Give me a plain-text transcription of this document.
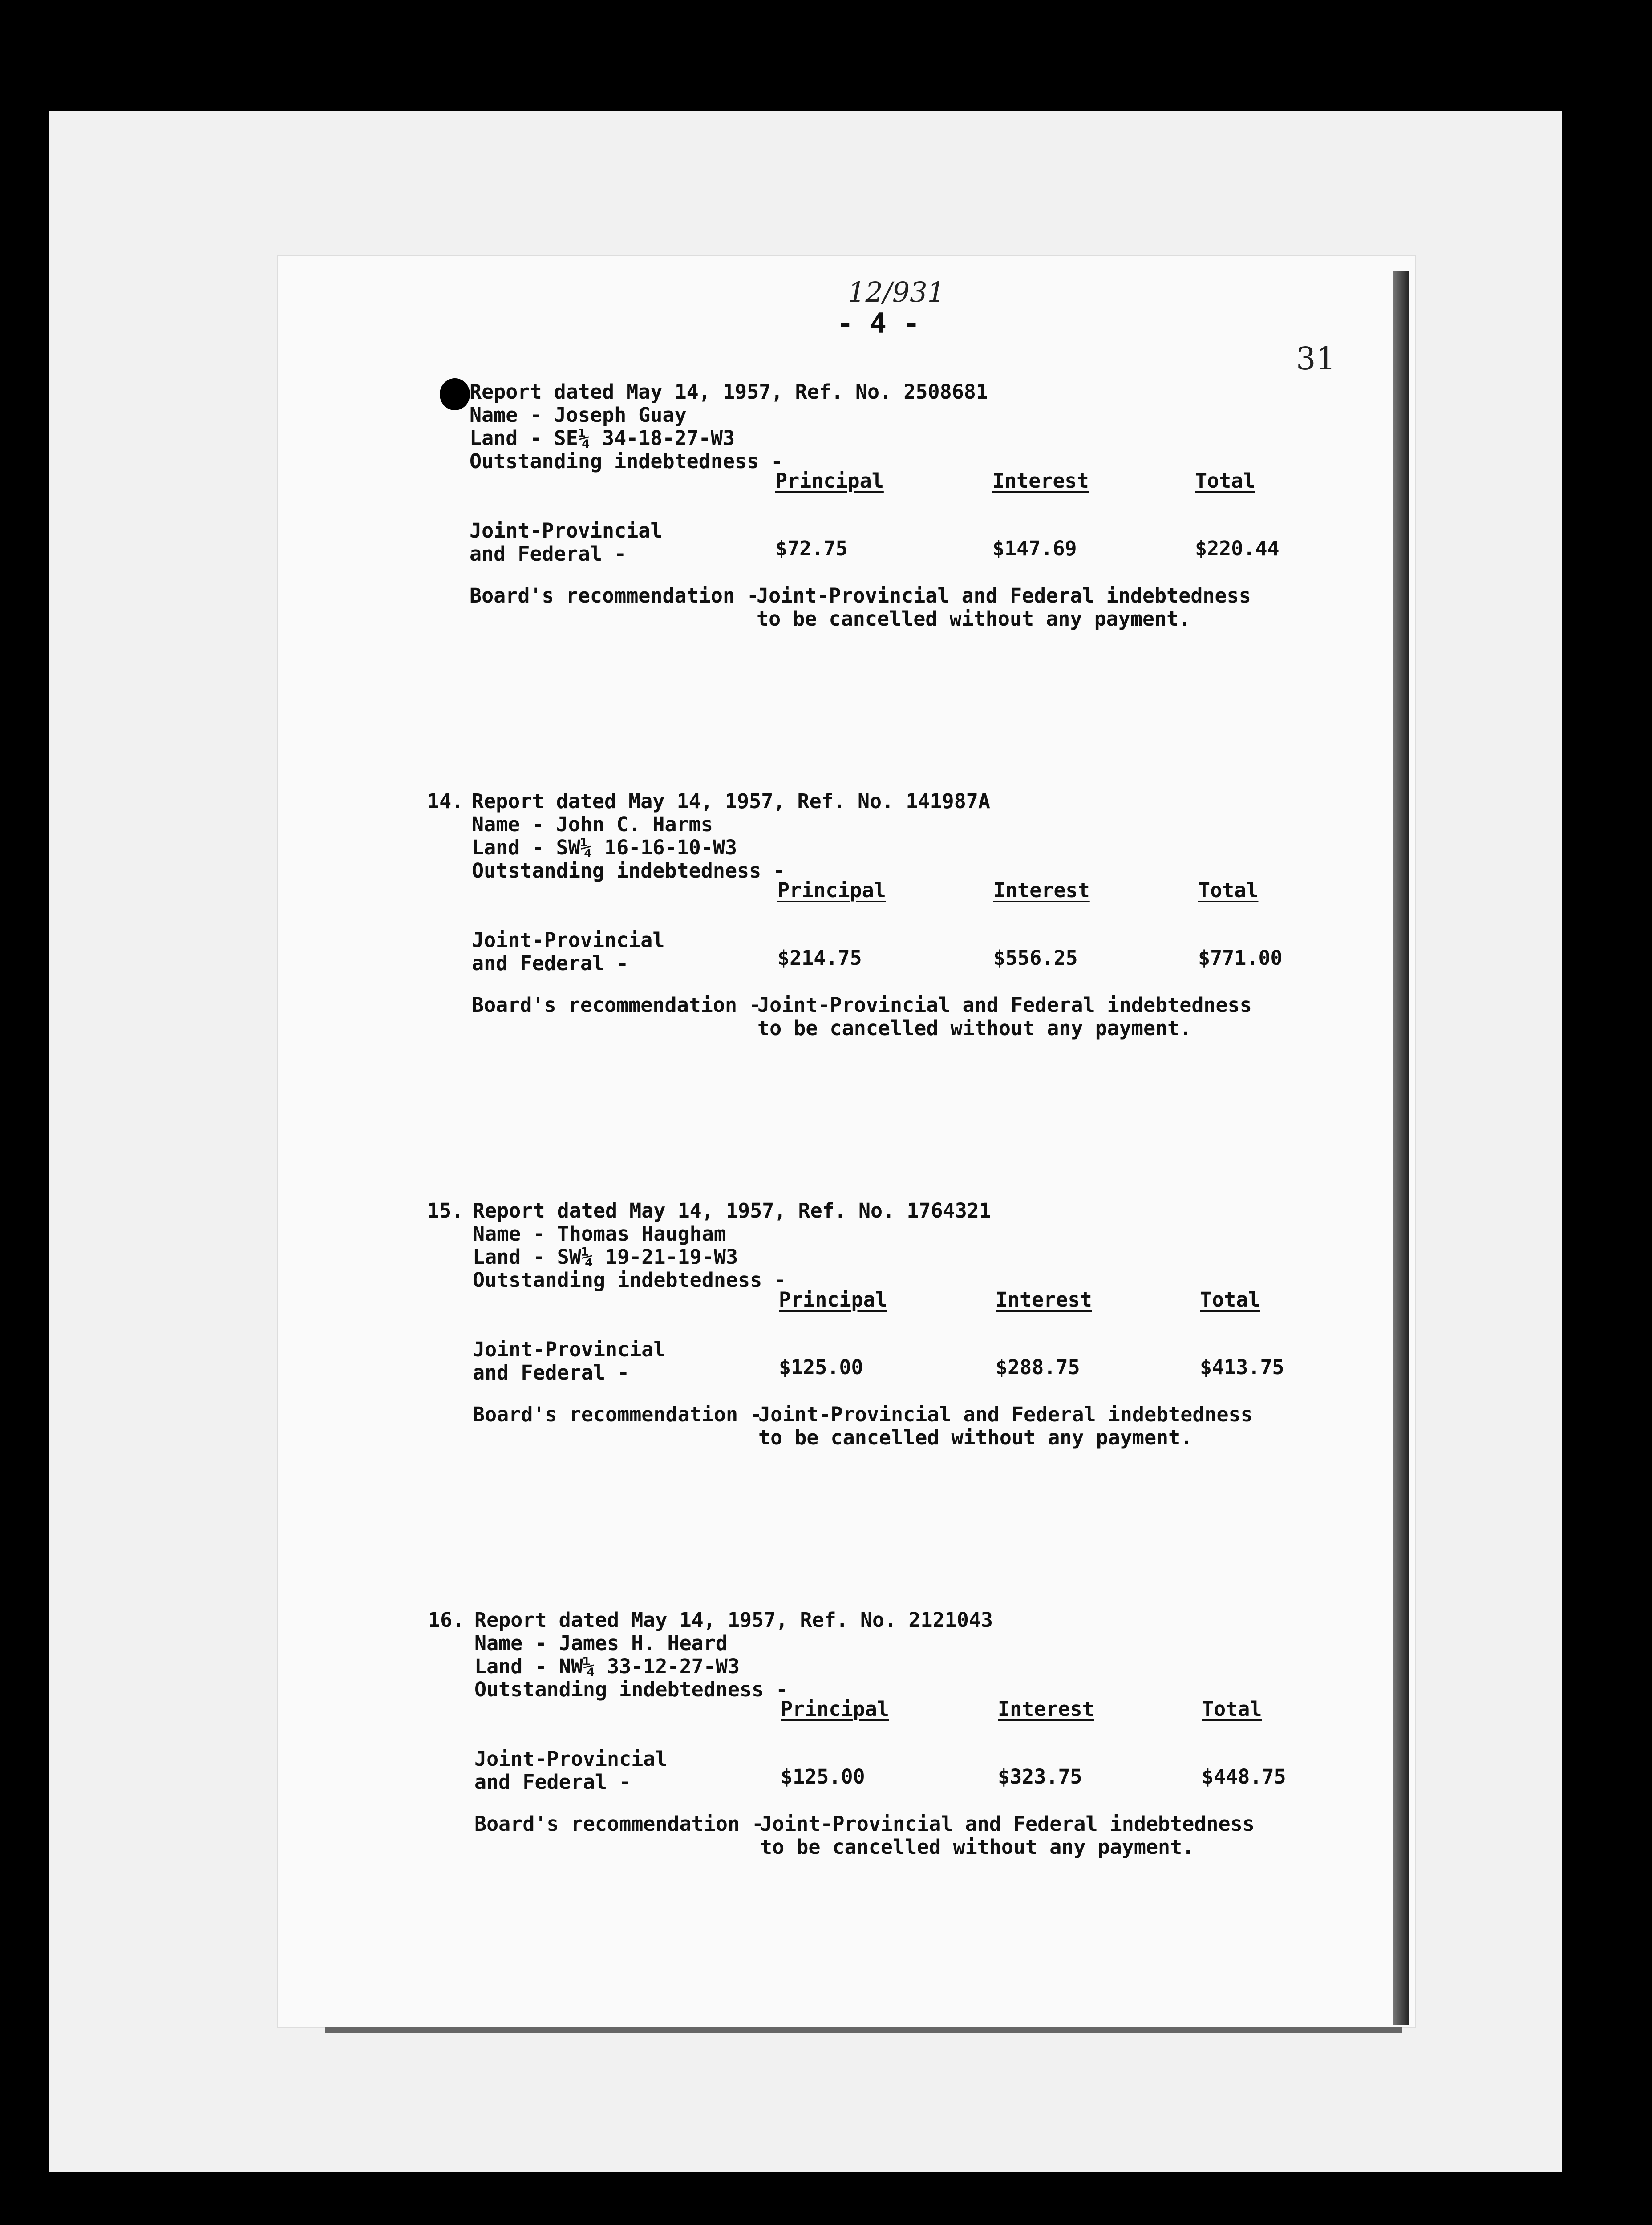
12/931
- 4 -
31
Report dated May 14, 1957, Ref. No. 2508681
Name - Joseph Guay
Land - SE¼ 34-18-27-W3
Outstanding indebtedness -
Principal	Interest	Total
Joint-Provincial
and Federal -	$72.75	$147.69	$220.44
Board's recommendation -
Joint-Provincial and Federal indebtedness
to be cancelled without any payment.
14. Report dated May 14, 1957, Ref. No. 141987A
Name - John C. Harms
Land - SW¼ 16-16-10-W3
Outstanding indebtedness -
Principal	Interest	Total
Joint-Provincial
and Federal -	$214.75	$556.25	$771.00
Board's recommendation -
Joint-Provincial and Federal indebtedness
to be cancelled without any payment.
15. Report dated May 14, 1957, Ref. No. 1764321
Name - Thomas Haugham
Land - SW¼ 19-21-19-W3
Outstanding indebtedness -
Principal	Interest	Total
Joint-Provincial
and Federal -	$125.00	$288.75	$413.75
Board's recommendation -
Joint-Provincial and Federal indebtedness
to be cancelled without any payment.
16. Report dated May 14, 1957, Ref. No. 2121043
Name - James H. Heard
Land - NW¼ 33-12-27-W3
Outstanding indebtedness -
Principal	Interest	Total
Joint-Provincial
and Federal -	$125.00	$323.75	$448.75
Board's recommendation -
Joint-Provincial and Federal indebtedness
to be cancelled without any payment.
